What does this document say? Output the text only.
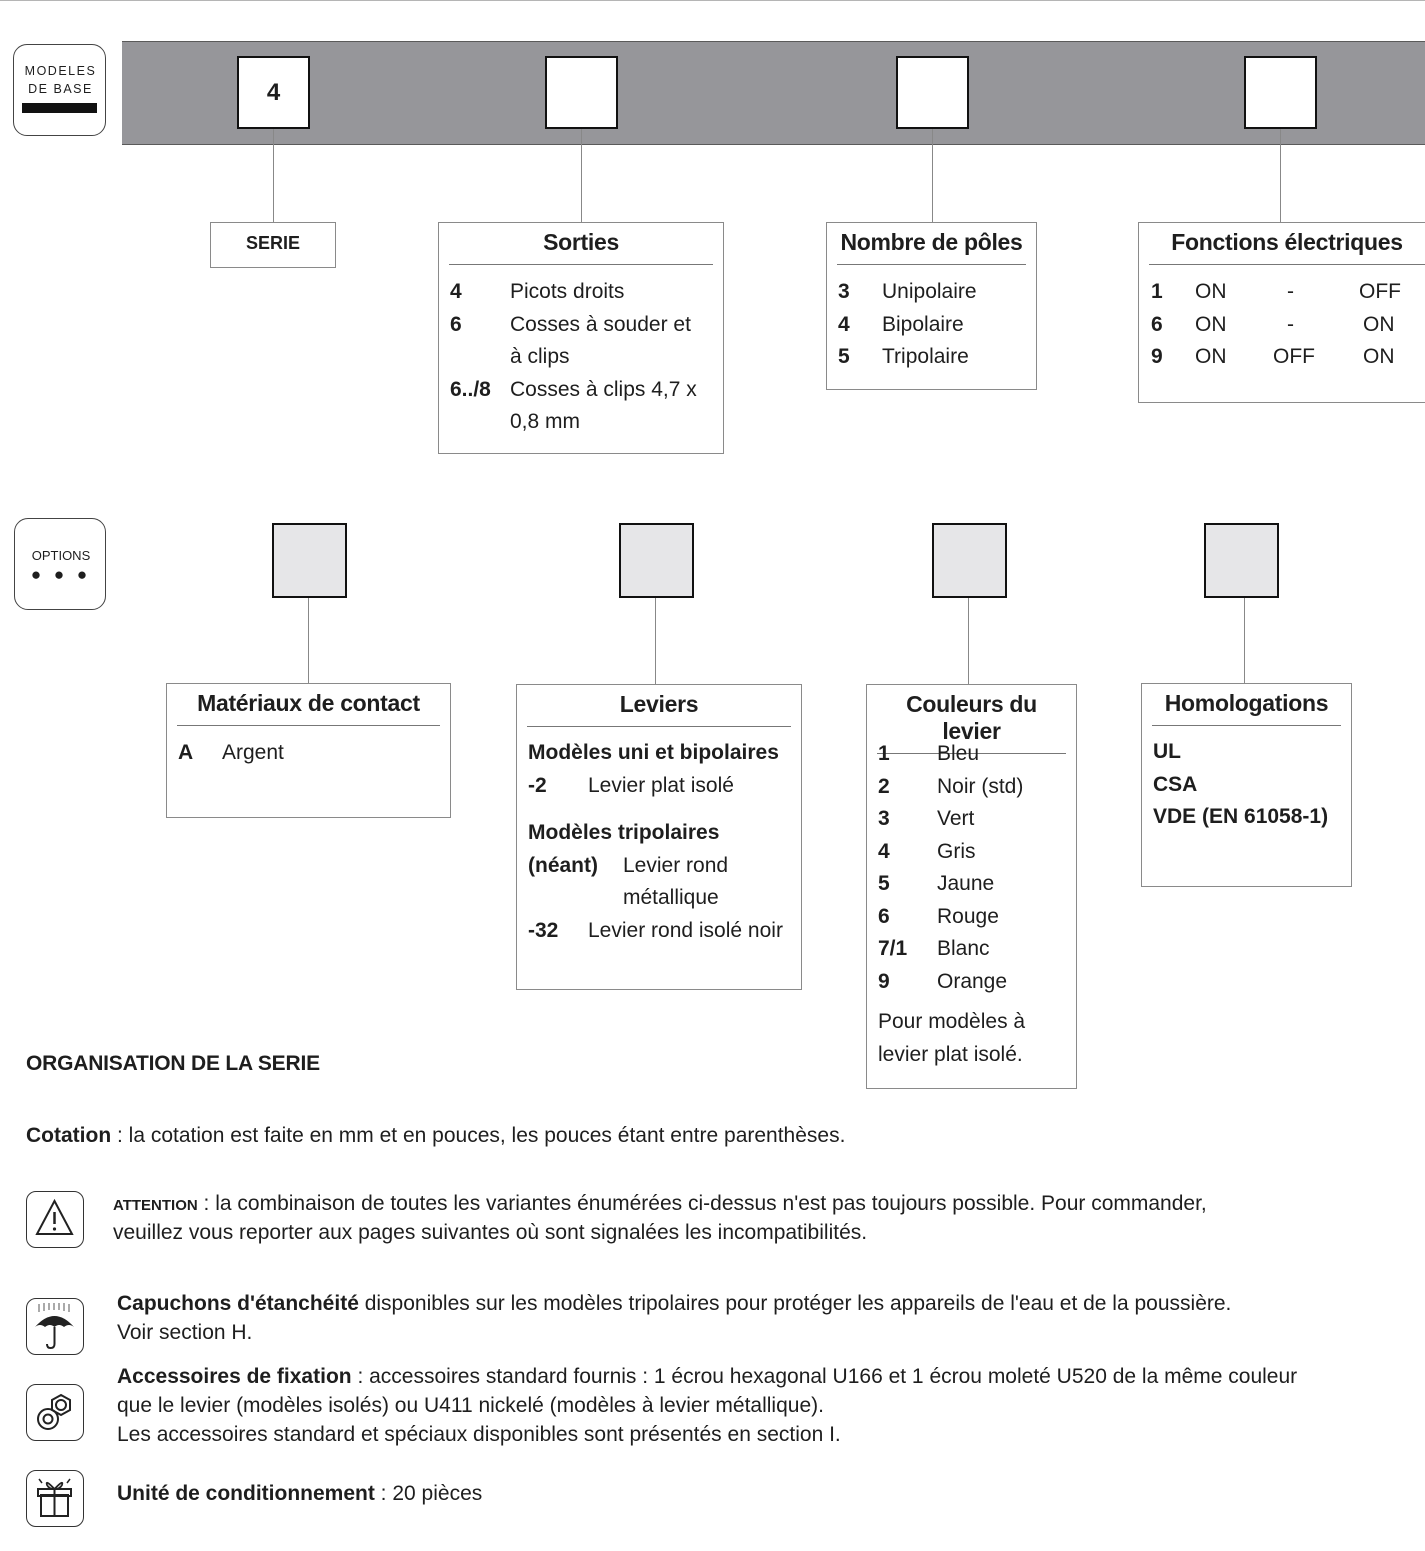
MODELES
DE BASE	4
SERIE	Sorties
4 Picots droits
6 Cosses à souder et
à clips
6../8 Cosses à clips 4,7 x
0,8 mm
Nombre de pôles
3 Unipolaire
4 Bipolaire
5 Tripolaire
Fonctions électriques
1 ON	-	OFF
6 ON	-	ON
9 ON OFF ON
OPTIONS
● ● ●
Matériaux de contact
A Argent
Leviers
Modèles uni et bipolaires
-2 Levier plat isolé
Modèles tripolaires
(néant) Levier rond
métallique
-32 Levier rond isolé noir
Couleurs du levier
1 Bleu
2 Noir (std)
3 Vert
4 Gris
5 Jaune
6 Rouge
7/1 Blanc
9 Orange
Pour modèles à
levier plat isolé.
Homologations
UL
CSA
VDE (EN 61058-1)
ORGANISATION DE LA SERIE
Cotation : la cotation est faite en mm et en pouces, les pouces étant entre parenthèses.
ATTENTION : la combinaison de toutes les variantes énumérées ci-dessus n'est pas toujours possible. Pour commander,
veuillez vous reporter aux pages suivantes où sont signalées les incompatibilités.
Capuchons d'étanchéité disponibles sur les modèles tripolaires pour protéger les appareils de l'eau et de la poussière.
Voir section H.
Accessoires de fixation : accessoires standard fournis : 1 écrou hexagonal U166 et 1 écrou moleté U520 de la même couleur
que le levier (modèles isolés) ou U411 nickelé (modèles à levier métallique).
Les accessoires standard et spéciaux disponibles sont présentés en section I.
Unité de conditionnement : 20 pièces
